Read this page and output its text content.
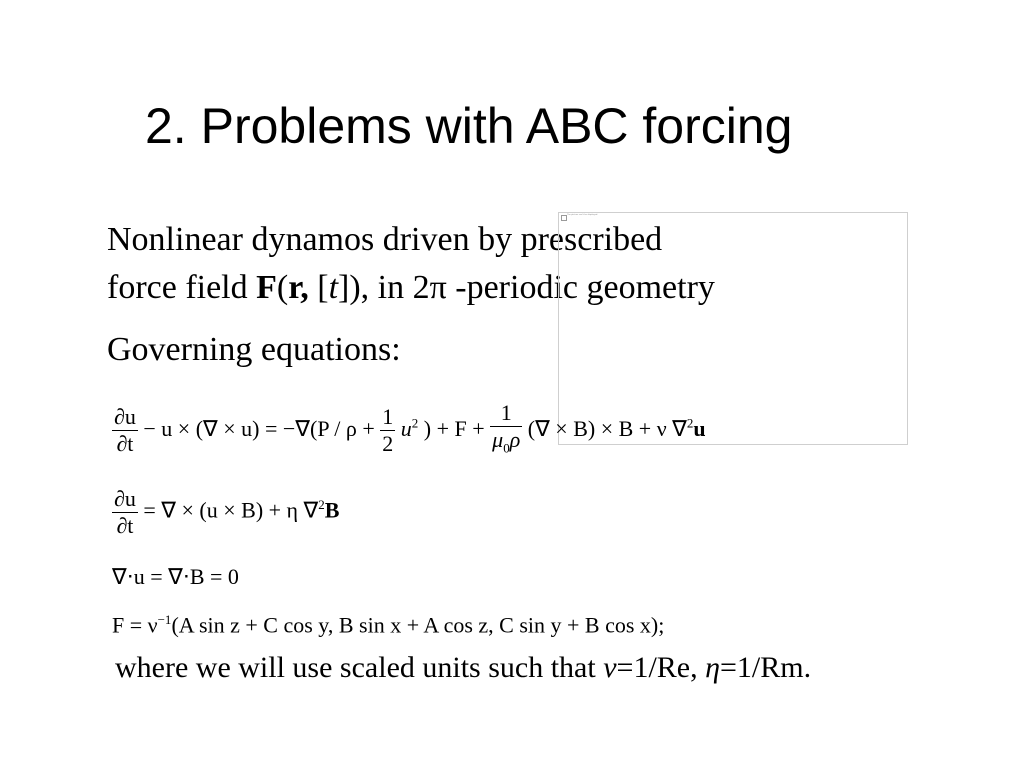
2. Problems with ABC forcing
Nonlinear dynamos driven by prescribed
force field F(r, [t]), in 2π -periodic geometry
Governing equations:
The picture can't be displayed.
$\frac{\partial u}{\partial t} - u$ × (∇ × $u) = -\nabla(P / \rho + \frac{1}{2} u^2$ ) + $F + \frac{1}{\mu_0\rho}$ (∇ × B) × B + ν ∇$^2$u
$\frac{\partial u}{\partial t}$ = ∇ × (u × B) + η ∇$^2$B
∇⋅u = ∇⋅B = 0
$F = \nu^{-1}(A$ sin z + C cos y, B sin x + A cos z, C sin y + B cos x);
where we will use scaled units such that ν=1/Re, η=1/Rm.
